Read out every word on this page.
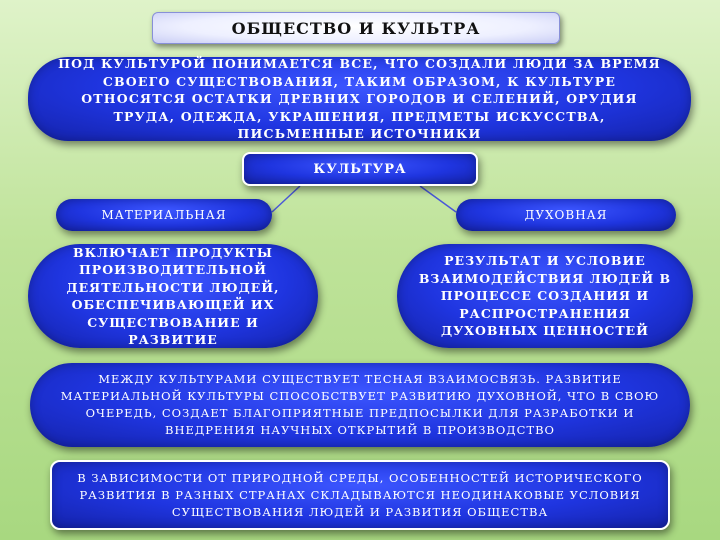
ОБЩЕСТВО И КУЛЬТРА
ПОД КУЛЬТУРОЙ ПОНИМАЕТСЯ ВСЕ, ЧТО СОЗДАЛИ ЛЮДИ ЗА ВРЕМЯ СВОЕГО СУЩЕСТВОВАНИЯ, ТАКИМ ОБРАЗОМ, К КУЛЬТУРЕ ОТНОСЯТСЯ ОСТАТКИ ДРЕВНИХ ГОРОДОВ И СЕЛЕНИЙ, ОРУДИЯ ТРУДА, ОДЕЖДА, УКРАШЕНИЯ, ПРЕДМЕТЫ ИСКУССТВА, ПИСЬМЕННЫЕ ИСТОЧНИКИ
КУЛЬТУРА
МАТЕРИАЛЬНАЯ	ДУХОВНАЯ
ВКЛЮЧАЕТ ПРОДУКТЫ ПРОИЗВОДИТЕЛЬНОЙ ДЕЯТЕЛЬНОСТИ ЛЮДЕЙ, ОБЕСПЕЧИВАЮЩЕЙ ИХ СУЩЕСТВОВАНИЕ И РАЗВИТИЕ
РЕЗУЛЬТАТ И УСЛОВИЕ ВЗАИМОДЕЙСТВИЯ ЛЮДЕЙ В ПРОЦЕССЕ СОЗДАНИЯ И РАСПРОСТРАНЕНИЯ ДУХОВНЫХ ЦЕННОСТЕЙ
МЕЖДУ КУЛЬТУРАМИ СУЩЕСТВУЕТ ТЕСНАЯ ВЗАИМОСВЯЗЬ. РАЗВИТИЕ МАТЕРИАЛЬНОЙ КУЛЬТУРЫ СПОСОБСТВУЕТ РАЗВИТИЮ ДУХОВНОЙ, ЧТО В СВОЮ ОЧЕРЕДЬ, СОЗДАЕТ БЛАГОПРИЯТНЫЕ ПРЕДПОСЫЛКИ ДЛЯ РАЗРАБОТКИ И ВНЕДРЕНИЯ НАУЧНЫХ ОТКРЫТИЙ В ПРОИЗВОДСТВО
В ЗАВИСИМОСТИ ОТ ПРИРОДНОЙ СРЕДЫ, ОСОБЕННОСТЕЙ ИСТОРИЧЕСКОГО РАЗВИТИЯ В РАЗНЫХ СТРАНАХ СКЛАДЫВАЮТСЯ НЕОДИНАКОВЫЕ УСЛОВИЯ СУЩЕСТВОВАНИЯ ЛЮДЕЙ И РАЗВИТИЯ ОБЩЕСТВА
